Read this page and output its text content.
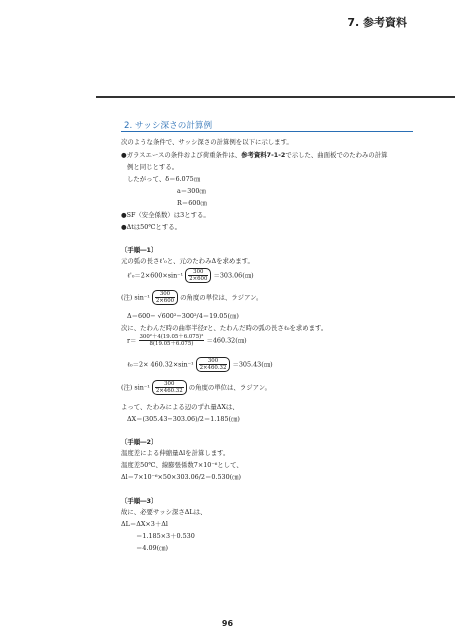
7. 参考資料
2. サッシ深さの計算例
次のような条件で、サッシ深さの計算例を以下に示します。
●ガラスエースの条件および荷重条件は、参考資料7-1-2で示した、曲面板でのたわみの計算
例と同じとする。
したがって、δ＝6.075㎝
a＝300㎝
R＝600㎝
●SF（安全係数）は3とする。
●Δtは50℃とする。
〔手順―1〕
元の弧の長さℓ'₀と、元のたわみΔを求めます。
ℓ'₀＝2×600×sin⁻¹ $\frac{300}{2\times 600}$ ＝303.06(㎝)
(注) $\sin^{-1} \frac{300}{2\times 600}$ の角度の単位は、ラジアン。
Δ＝600− √600²−300²/4＝19.05(㎝)
次に、たわんだ時の曲率半径rと、たわんだ時の弧の長さℓ₀を求めます。
$r= \frac{\text{300²＋4(19.05＋6.075)²}}{8(19.05+6.075)}$ ＝460.32(㎝)
ℓ₀＝2× $460.32\times\sin^{-1} \frac{300}{2\times 460.32}$ ＝305.43(㎝)
(注) $\sin^{-1} \frac{300}{2\times 460.32}$ の角度の単位は、ラジアン。
よって、たわみによる辺のずれ量ΔXは、
ΔX＝(305.43−303.06)/2＝1.185(㎝)
〔手順―2〕
温度差による伸縮量Δlを計算します。
温度差50℃、線膨張係数7×10⁻⁶として、
Δl＝7×10⁻⁶×50×303.06/2＝0.530(㎝)
〔手順―3〕
故に、必要サッシ深さΔLは、
ΔL＝ΔX×3＋Δl
＝1.185×3＋0.530
＝4.09(㎝)
96
